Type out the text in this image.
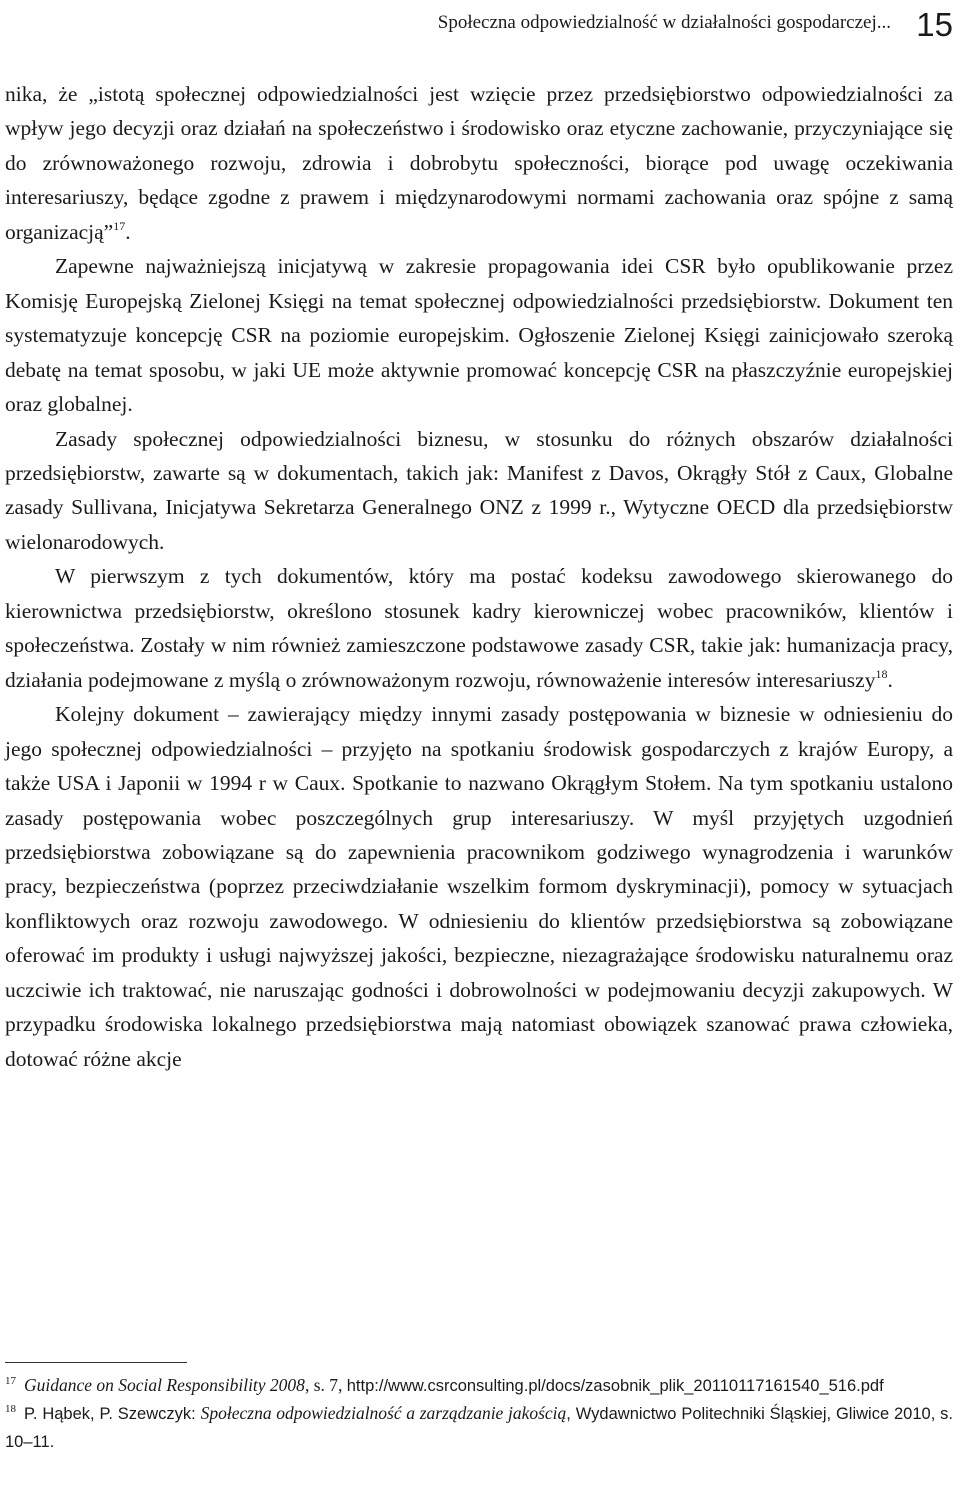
Społeczna odpowiedzialność w działalności gospodarczej... 15

nika, że „istotą społecznej odpowiedzialności jest wzięcie przez przedsiębiorstwo odpowiedzialności za wpływ jego decyzji oraz działań na społeczeństwo i środowisko oraz etyczne zachowanie, przyczyniające się do zrównoważonego rozwoju, zdrowia i dobrobytu społeczności, biorące pod uwagę oczekiwania interesariuszy, będące zgodne z prawem i międzynarodowymi normami zachowania oraz spójne z samą organizacją”$^{17}$.

Zapewne najważniejszą inicjatywą w zakresie propagowania idei CSR było opublikowanie przez Komisję Europejską Zielonej Księgi na temat społecznej odpowiedzialności przedsiębiorstw. Dokument ten systematyzuje koncepcję CSR na poziomie europejskim. Ogłoszenie Zielonej Księgi zainicjowało szeroką debatę na temat sposobu, w jaki UE może aktywnie promować koncepcję CSR na płaszczyźnie europejskiej oraz globalnej.

Zasady społecznej odpowiedzialności biznesu, w stosunku do różnych obszarów działalności przedsiębiorstw, zawarte są w dokumentach, takich jak: Manifest z Davos, Okrągły Stół z Caux, Globalne zasady Sullivana, Inicjatywa Sekretarza Generalnego ONZ z 1999 r., Wytyczne OECD dla przedsiębiorstw wielonarodowych.

W pierwszym z tych dokumentów, który ma postać kodeksu zawodowego skierowanego do kierownictwa przedsiębiorstw, określono stosunek kadry kierowniczej wobec pracowników, klientów i społeczeństwa. Zostały w nim również zamieszczone podstawowe zasady CSR, takie jak: humanizacja pracy, działania podejmowane z myślą o zrównoważonym rozwoju, równoważenie interesów interesariuszy$^{18}$.

Kolejny dokument – zawierający między innymi zasady postępowania w biznesie w odniesieniu do jego społecznej odpowiedzialności – przyjęto na spotkaniu środowisk gospodarczych z krajów Europy, a także USA i Japonii w 1994 r w Caux. Spotkanie to nazwano Okrągłym Stołem. Na tym spotkaniu ustalono zasady postępowania wobec poszczególnych grup interesariuszy. W myśl przyjętych uzgodnień przedsiębiorstwa zobowiązane są do zapewnienia pracownikom godziwego wynagrodzenia i warunków pracy, bezpieczeństwa (poprzez przeciwdziałanie wszelkim formom dyskryminacji), pomocy w sytuacjach konfliktowych oraz rozwoju zawodowego. W odniesieniu do klientów przedsiębiorstwa są zobowiązane oferować im produkty i usługi najwyższej jakości, bezpieczne, niezagrażające środowisku naturalnemu oraz uczciwie ich traktować, nie naruszając godności i dobrowolności w podejmowaniu decyzji zakupowych. W przypadku środowiska lokalnego przedsiębiorstwa mają natomiast obowiązek szanować prawa człowieka, dotować różne akcje

$^{17}$ Guidance on Social Responsibility 2008, s. 7, http://www.csrconsulting.pl/docs/zasobnik_plik_20110117161540_516.pdf

$^{18}$ P. Hąbek, P. Szewczyk: Społeczna odpowiedzialność a zarządzanie jakością, Wydawnictwo Politechniki Śląskiej, Gliwice 2010, s. 10–11.
